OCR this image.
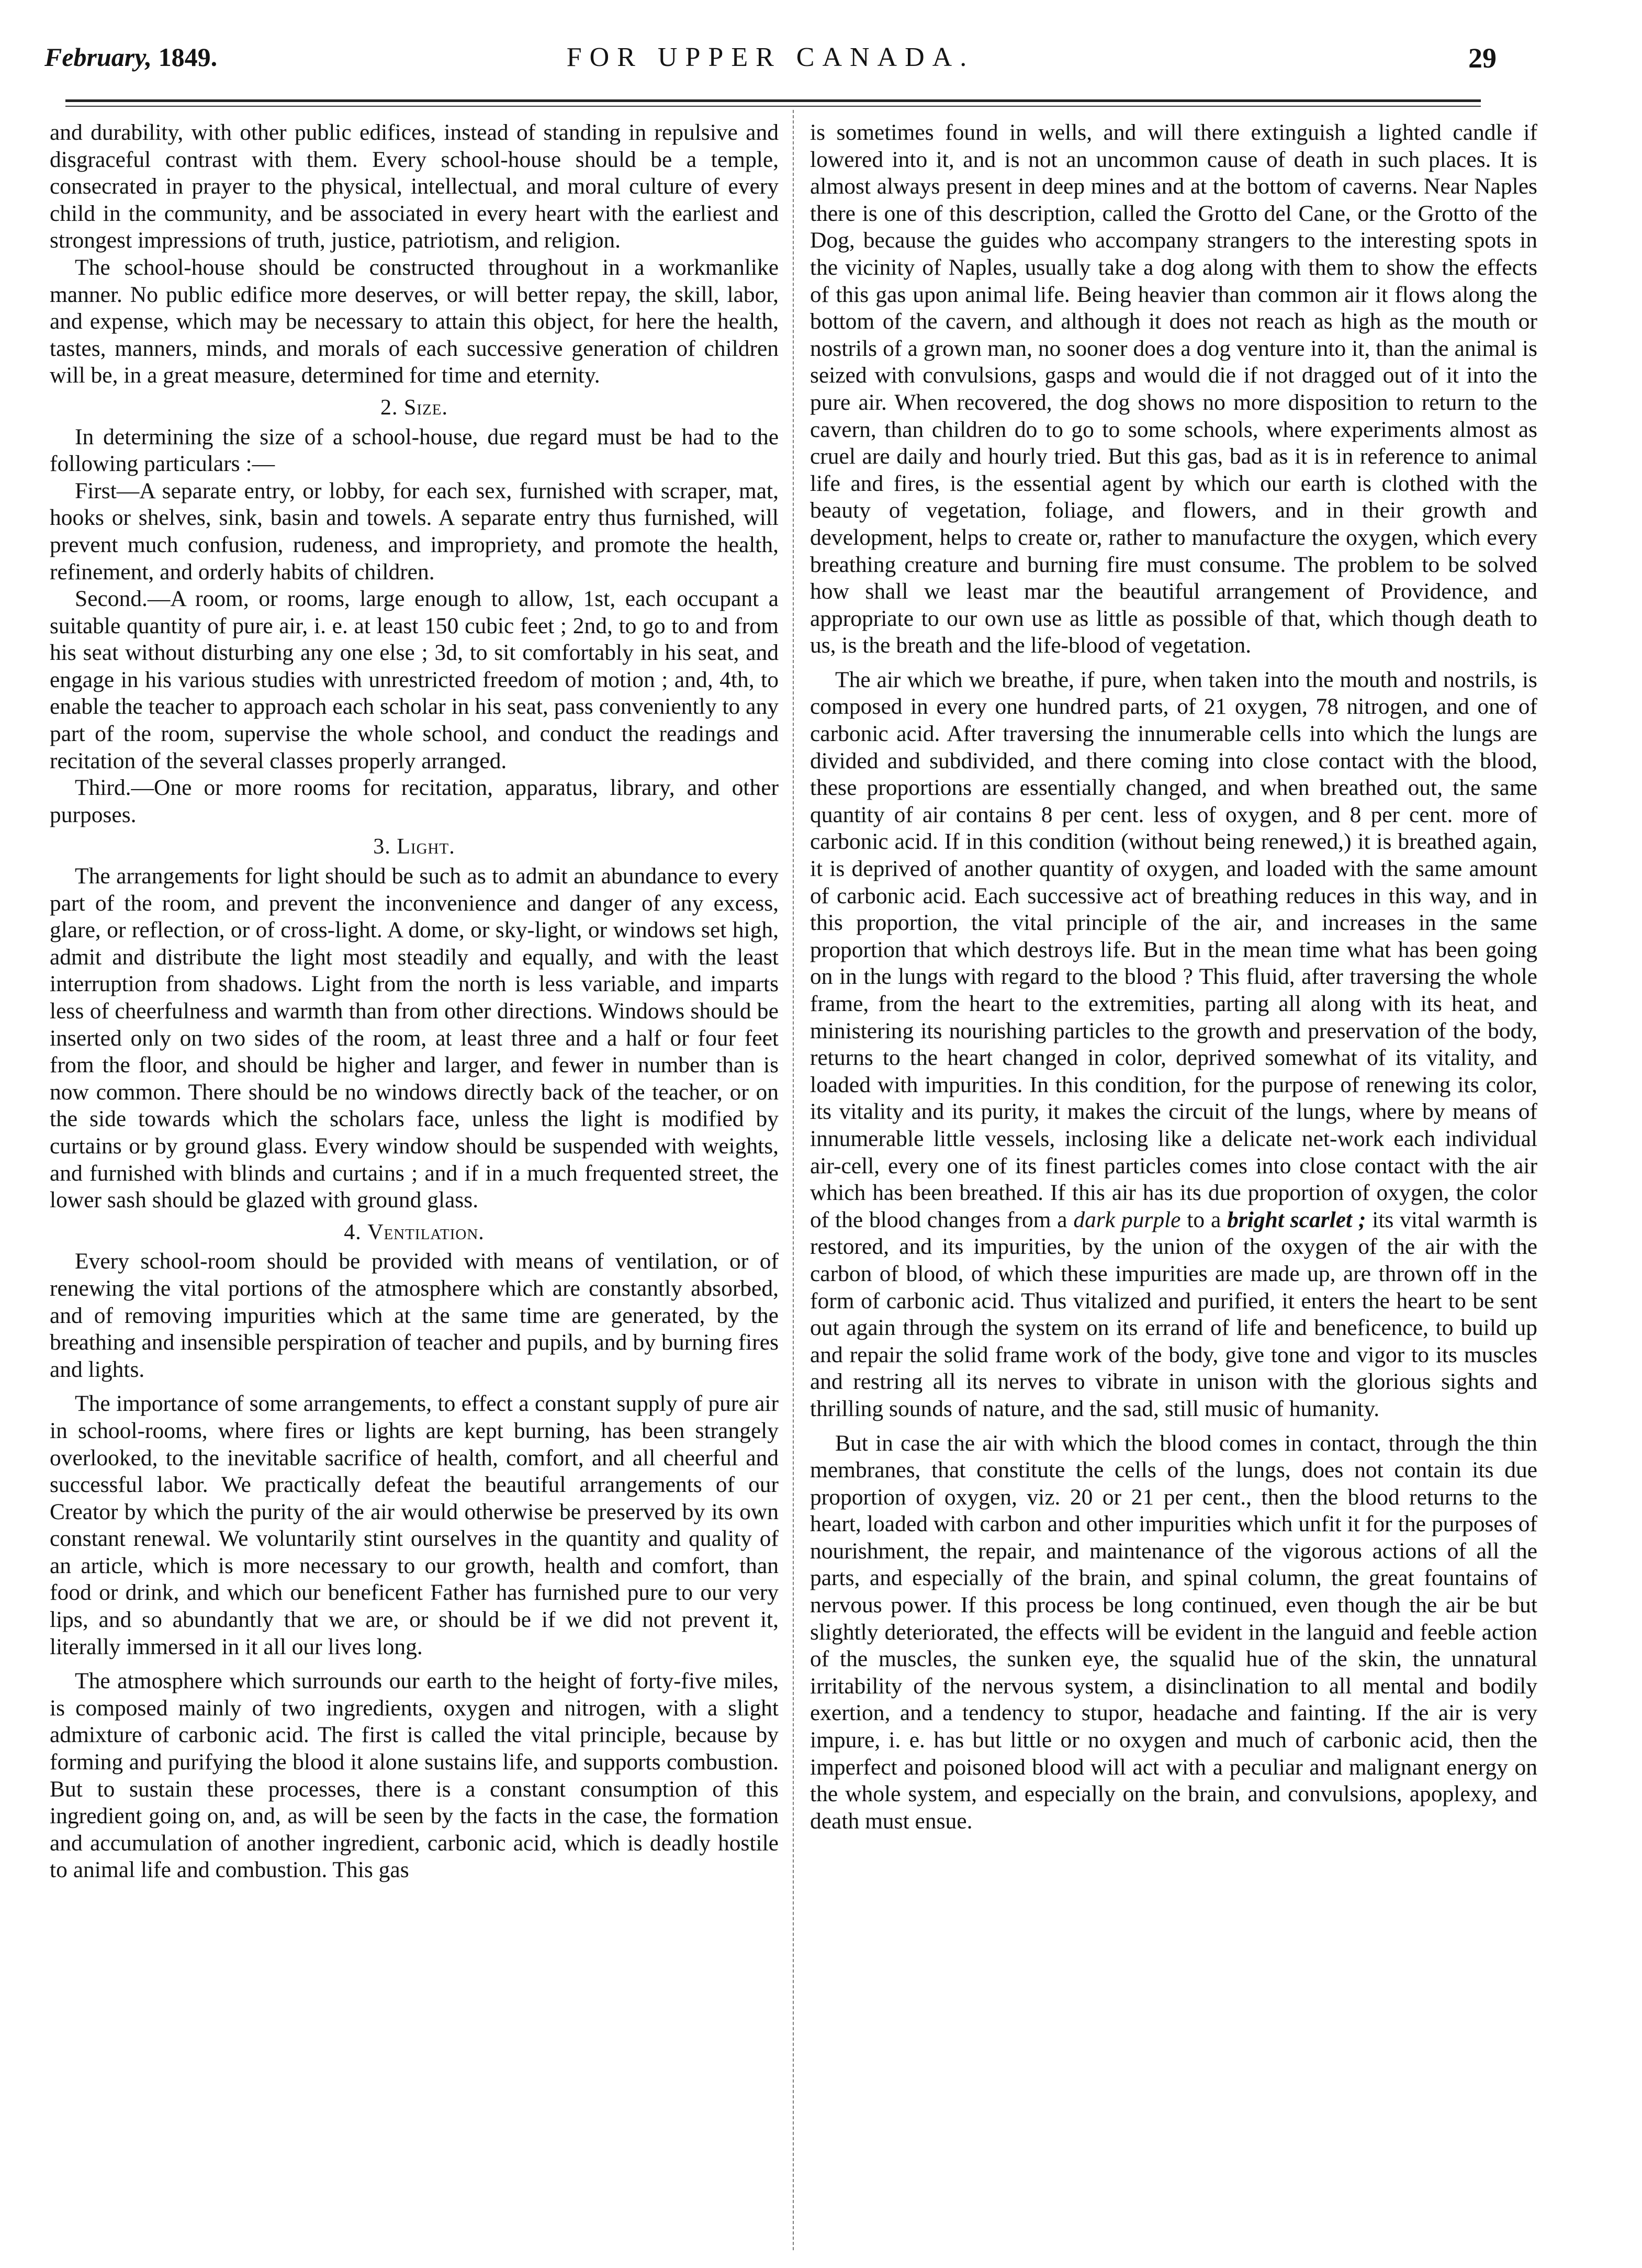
February, 1849.	FOR UPPER CANADA.	29

and durability, with other public edifices, instead of standing in repulsive and disgraceful contrast with them. Every school-house should be a temple, consecrated in prayer to the physical, intellectual, and moral culture of every child in the community, and be associated in every heart with the earliest and strongest impressions of truth, justice, patriotism, and religion.

The school-house should be constructed throughout in a workmanlike manner. No public edifice more deserves, or will better repay, the skill, labor, and expense, which may be necessary to attain this object, for here the health, tastes, manners, minds, and morals of each successive generation of children will be, in a great measure, determined for time and eternity.

2. Size.

In determining the size of a school-house, due regard must be had to the following particulars :—

First—A separate entry, or lobby, for each sex, furnished with scraper, mat, hooks or shelves, sink, basin and towels. A separate entry thus furnished, will prevent much confusion, rudeness, and impropriety, and promote the health, refinement, and orderly habits of children.

Second.—A room, or rooms, large enough to allow, 1st, each occupant a suitable quantity of pure air, i. e. at least 150 cubic feet ; 2nd, to go to and from his seat without disturbing any one else ; 3d, to sit comfortably in his seat, and engage in his various studies with unrestricted freedom of motion ; and, 4th, to enable the teacher to approach each scholar in his seat, pass conveniently to any part of the room, supervise the whole school, and conduct the readings and recitation of the several classes properly arranged.

Third.—One or more rooms for recitation, apparatus, library, and other purposes.

3. Light.

The arrangements for light should be such as to admit an abundance to every part of the room, and prevent the inconvenience and danger of any excess, glare, or reflection, or of cross-light. A dome, or sky-light, or windows set high, admit and distribute the light most steadily and equally, and with the least interruption from shadows. Light from the north is less variable, and imparts less of cheerfulness and warmth than from other directions. Windows should be inserted only on two sides of the room, at least three and a half or four feet from the floor, and should be higher and larger, and fewer in number than is now common. There should be no windows directly back of the teacher, or on the side towards which the scholars face, unless the light is modified by curtains or by ground glass. Every window should be suspended with weights, and furnished with blinds and curtains ; and if in a much frequented street, the lower sash should be glazed with ground glass.

4. Ventilation.

Every school-room should be provided with means of ventilation, or of renewing the vital portions of the atmosphere which are constantly absorbed, and of removing impurities which at the same time are generated, by the breathing and insensible perspiration of teacher and pupils, and by burning fires and lights.

The importance of some arrangements, to effect a constant supply of pure air in school-rooms, where fires or lights are kept burning, has been strangely overlooked, to the inevitable sacrifice of health, comfort, and all cheerful and successful labor. We practically defeat the beautiful arrangements of our Creator by which the purity of the air would otherwise be preserved by its own constant renewal. We voluntarily stint ourselves in the quantity and quality of an article, which is more necessary to our growth, health and comfort, than food or drink, and which our beneficent Father has furnished pure to our very lips, and so abundantly that we are, or should be if we did not prevent it, literally immersed in it all our lives long.

The atmosphere which surrounds our earth to the height of forty-five miles, is composed mainly of two ingredients, oxygen and nitrogen, with a slight admixture of carbonic acid. The first is called the vital principle, because by forming and purifying the blood it alone sustains life, and supports combustion. But to sustain these processes, there is a constant consumption of this ingredient going on, and, as will be seen by the facts in the case, the formation and accumulation of another ingredient, carbonic acid, which is deadly hostile to animal life and combustion. This gas

is sometimes found in wells, and will there extinguish a lighted candle if lowered into it, and is not an uncommon cause of death in such places. It is almost always present in deep mines and at the bottom of caverns. Near Naples there is one of this description, called the Grotto del Cane, or the Grotto of the Dog, because the guides who accompany strangers to the interesting spots in the vicinity of Naples, usually take a dog along with them to show the effects of this gas upon animal life. Being heavier than common air it flows along the bottom of the cavern, and although it does not reach as high as the mouth or nostrils of a grown man, no sooner does a dog venture into it, than the animal is seized with convulsions, gasps and would die if not dragged out of it into the pure air. When recovered, the dog shows no more disposition to return to the cavern, than children do to go to some schools, where experiments almost as cruel are daily and hourly tried. But this gas, bad as it is in reference to animal life and fires, is the essential agent by which our earth is clothed with the beauty of vegetation, foliage, and flowers, and in their growth and development, helps to create or, rather to manufacture the oxygen, which every breathing creature and burning fire must consume. The problem to be solved how shall we least mar the beautiful arrangement of Providence, and appropriate to our own use as little as possible of that, which though death to us, is the breath and the life-blood of vegetation.

The air which we breathe, if pure, when taken into the mouth and nostrils, is composed in every one hundred parts, of 21 oxygen, 78 nitrogen, and one of carbonic acid. After traversing the innumerable cells into which the lungs are divided and subdivided, and there coming into close contact with the blood, these proportions are essentially changed, and when breathed out, the same quantity of air contains 8 per cent. less of oxygen, and 8 per cent. more of carbonic acid. If in this condition (without being renewed,) it is breathed again, it is deprived of another quantity of oxygen, and loaded with the same amount of carbonic acid. Each successive act of breathing reduces in this way, and in this proportion, the vital principle of the air, and increases in the same proportion that which destroys life. But in the mean time what has been going on in the lungs with regard to the blood ? This fluid, after traversing the whole frame, from the heart to the extremities, parting all along with its heat, and ministering its nourishing particles to the growth and preservation of the body, returns to the heart changed in color, deprived somewhat of its vitality, and loaded with impurities. In this condition, for the purpose of renewing its color, its vitality and its purity, it makes the circuit of the lungs, where by means of innumerable little vessels, inclosing like a delicate net-work each individual air-cell, every one of its finest particles comes into close contact with the air which has been breathed. If this air has its due proportion of oxygen, the color of the blood changes from a dark purple to a bright scarlet ; its vital warmth is restored, and its impurities, by the union of the oxygen of the air with the carbon of blood, of which these impurities are made up, are thrown off in the form of carbonic acid. Thus vitalized and purified, it enters the heart to be sent out again through the system on its errand of life and beneficence, to build up and repair the solid frame work of the body, give tone and vigor to its muscles and restring all its nerves to vibrate in unison with the glorious sights and thrilling sounds of nature, and the sad, still music of humanity.

But in case the air with which the blood comes in contact, through the thin membranes, that constitute the cells of the lungs, does not contain its due proportion of oxygen, viz. 20 or 21 per cent., then the blood returns to the heart, loaded with carbon and other impurities which unfit it for the purposes of nourishment, the repair, and maintenance of the vigorous actions of all the parts, and especially of the brain, and spinal column, the great fountains of nervous power. If this process be long continued, even though the air be but slightly deteriorated, the effects will be evident in the languid and feeble action of the muscles, the sunken eye, the squalid hue of the skin, the unnatural irritability of the nervous system, a disinclination to all mental and bodily exertion, and a tendency to stupor, headache and fainting. If the air is very impure, i. e. has but little or no oxygen and much of carbonic acid, then the imperfect and poisoned blood will act with a peculiar and malignant energy on the whole system, and especially on the brain, and convulsions, apoplexy, and death must ensue.
